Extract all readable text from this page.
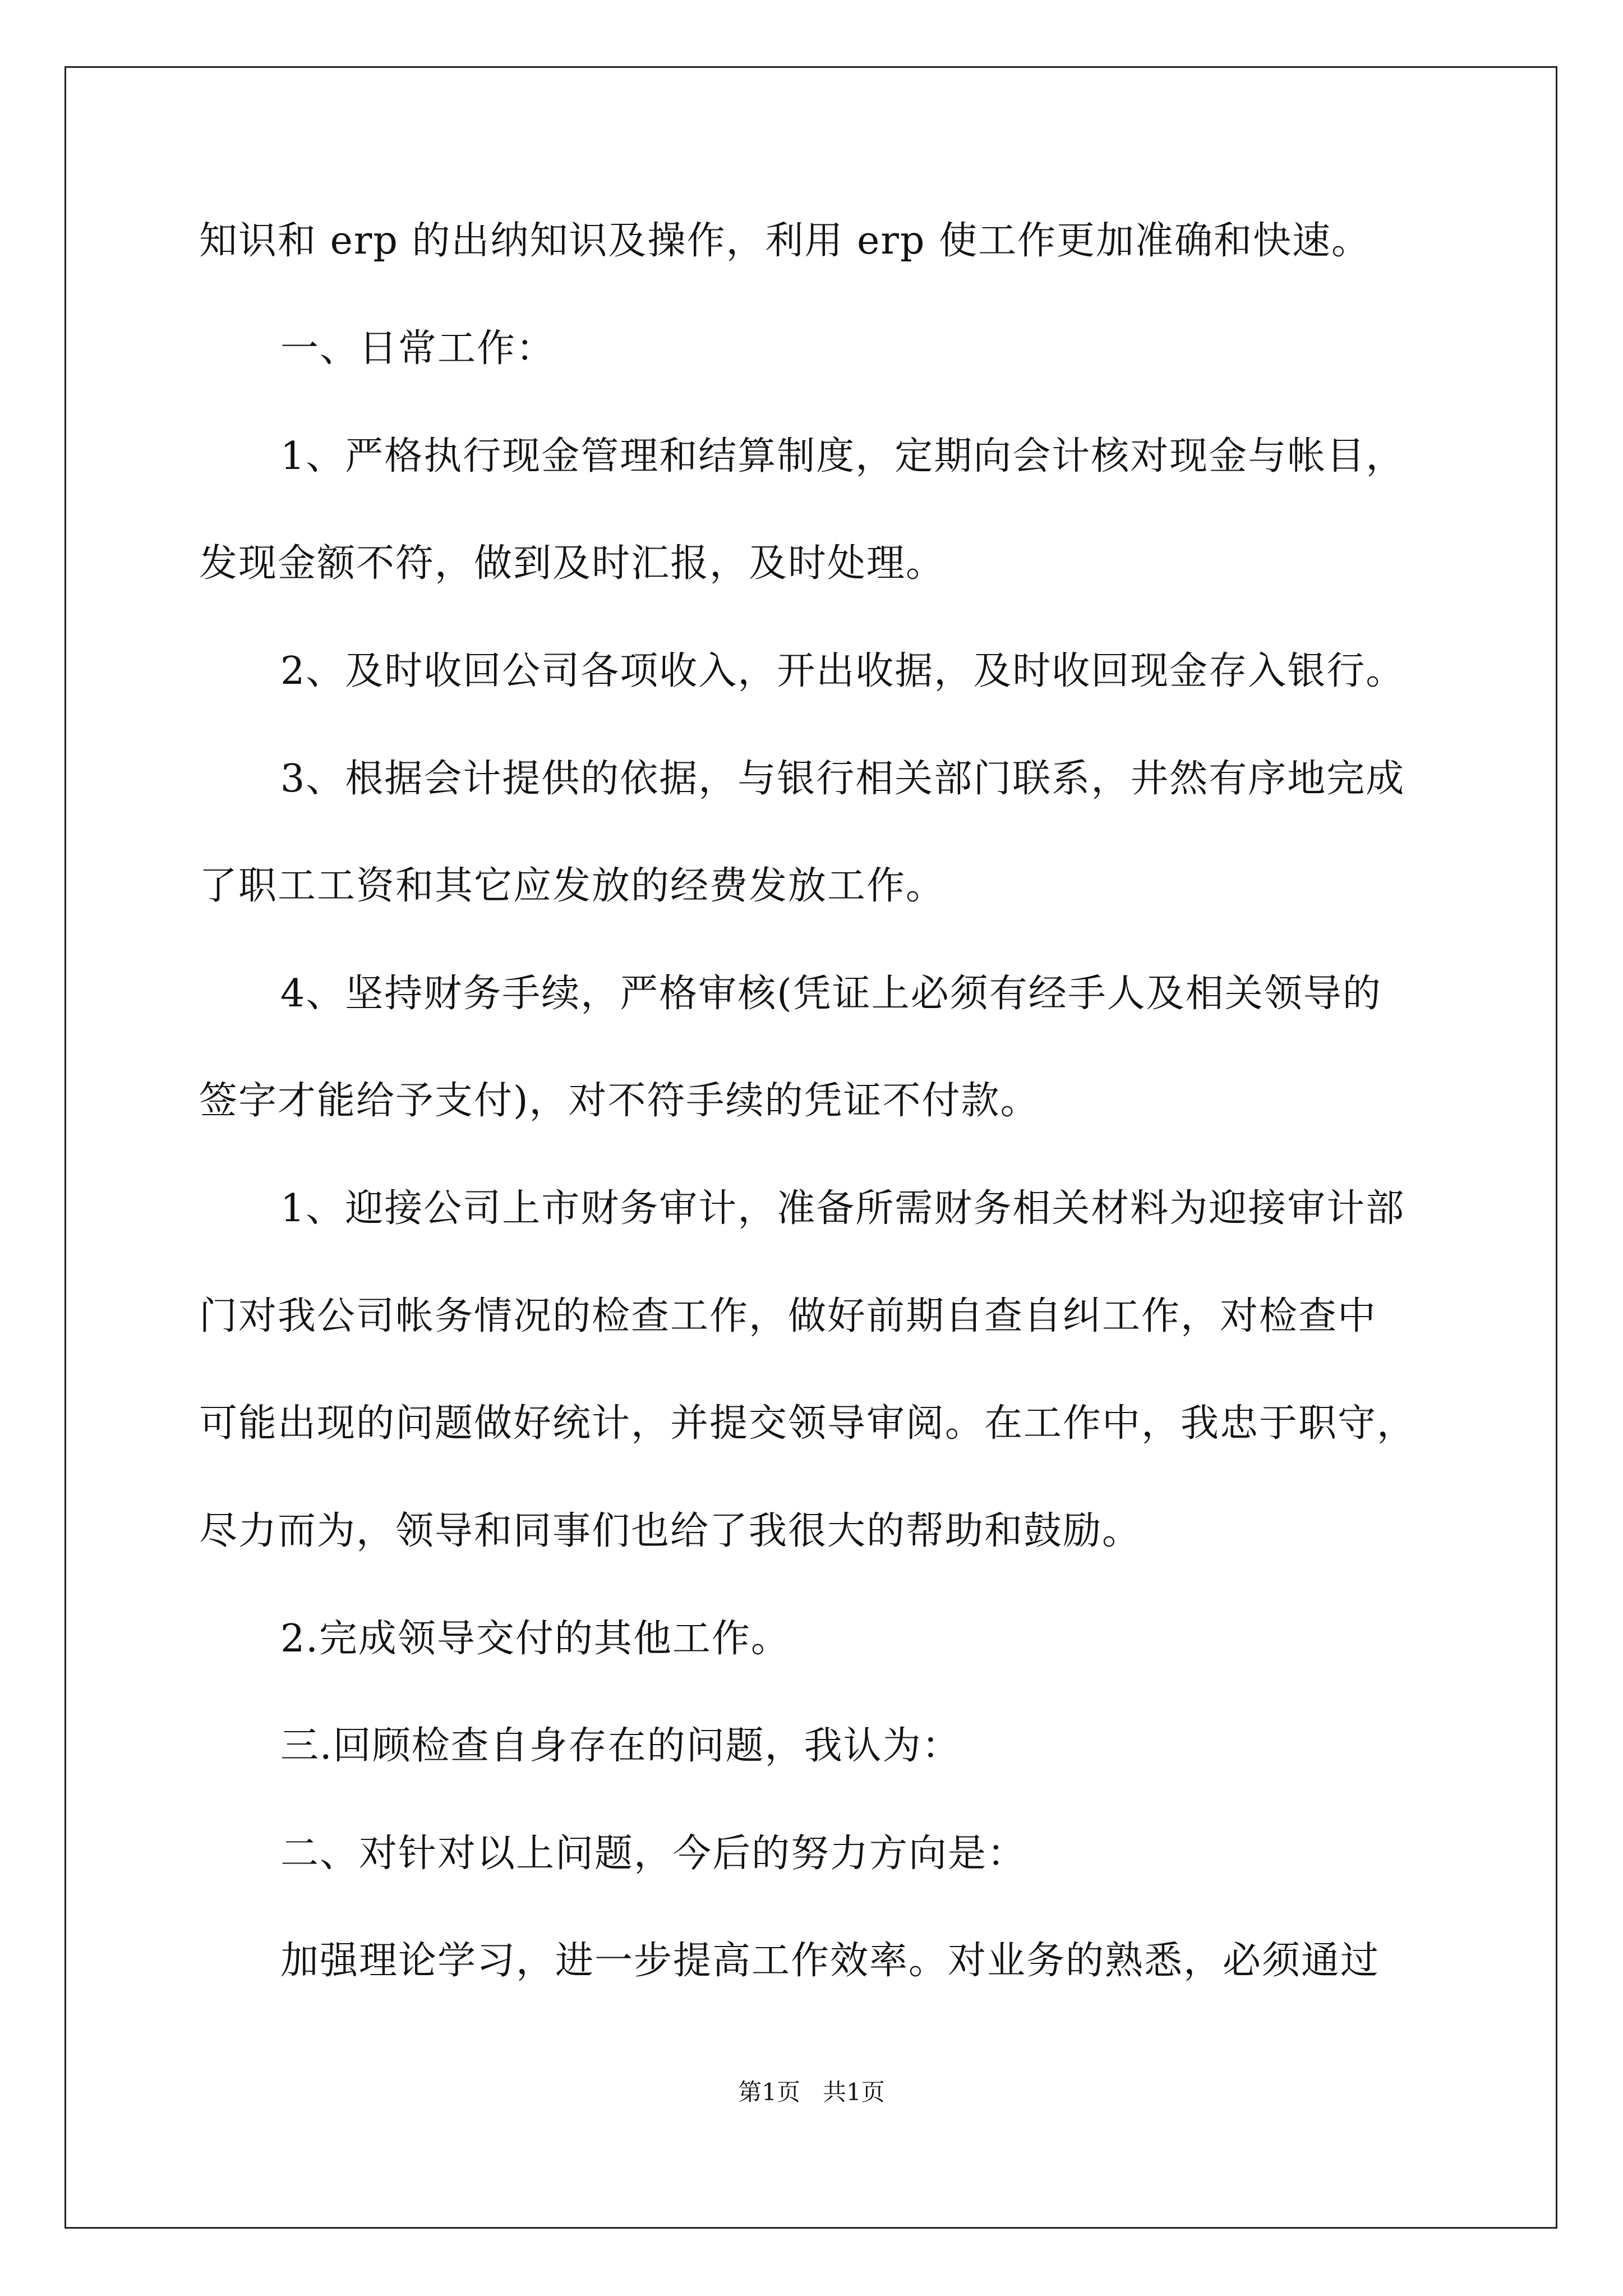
知识和 erp 的出纳知识及操作，利用 erp 使工作更加准确和快速。
一、日常工作：
1、严格执行现金管理和结算制度，定期向会计核对现金与帐目，
发现金额不符，做到及时汇报，及时处理。
2、及时收回公司各项收入，开出收据，及时收回现金存入银行。
3、根据会计提供的依据，与银行相关部门联系，井然有序地完成
了职工工资和其它应发放的经费发放工作。
4、坚持财务手续，严格审核(凭证上必须有经手人及相关领导的
签字才能给予支付)，对不符手续的凭证不付款。
1、迎接公司上市财务审计，准备所需财务相关材料为迎接审计部
门对我公司帐务情况的检查工作，做好前期自查自纠工作，对检查中
可能出现的问题做好统计，并提交领导审阅。在工作中，我忠于职守，
尽力而为，领导和同事们也给了我很大的帮助和鼓励。
2.完成领导交付的其他工作。
三.回顾检查自身存在的问题，我认为：
二、对针对以上问题，今后的努力方向是：
加强理论学习，进一步提高工作效率。对业务的熟悉，必须通过
第1页   共1页
